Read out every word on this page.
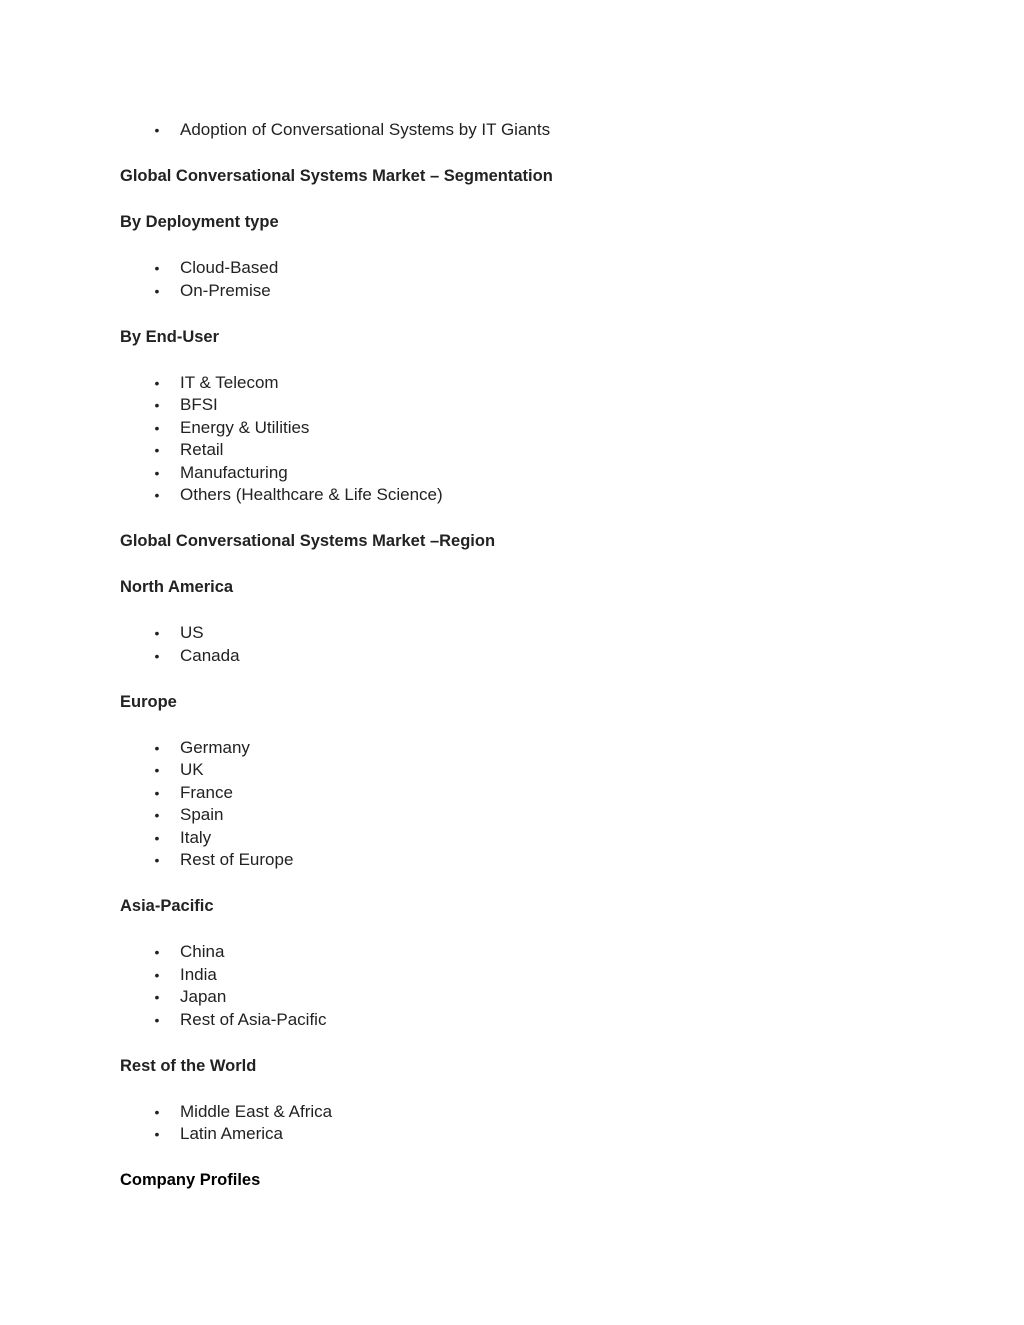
• Adoption of Conversational Systems by IT Giants
Global Conversational Systems Market – Segmentation
By Deployment type
• Cloud-Based
• On-Premise
By End-User
• IT & Telecom
• BFSI
• Energy & Utilities
• Retail
• Manufacturing
• Others (Healthcare & Life Science)
Global Conversational Systems Market –Region
North America
• US
• Canada
Europe
• Germany
• UK
• France
• Spain
• Italy
• Rest of Europe
Asia-Pacific
• China
• India
• Japan
• Rest of Asia-Pacific
Rest of the World
• Middle East & Africa
• Latin America
Company Profiles
